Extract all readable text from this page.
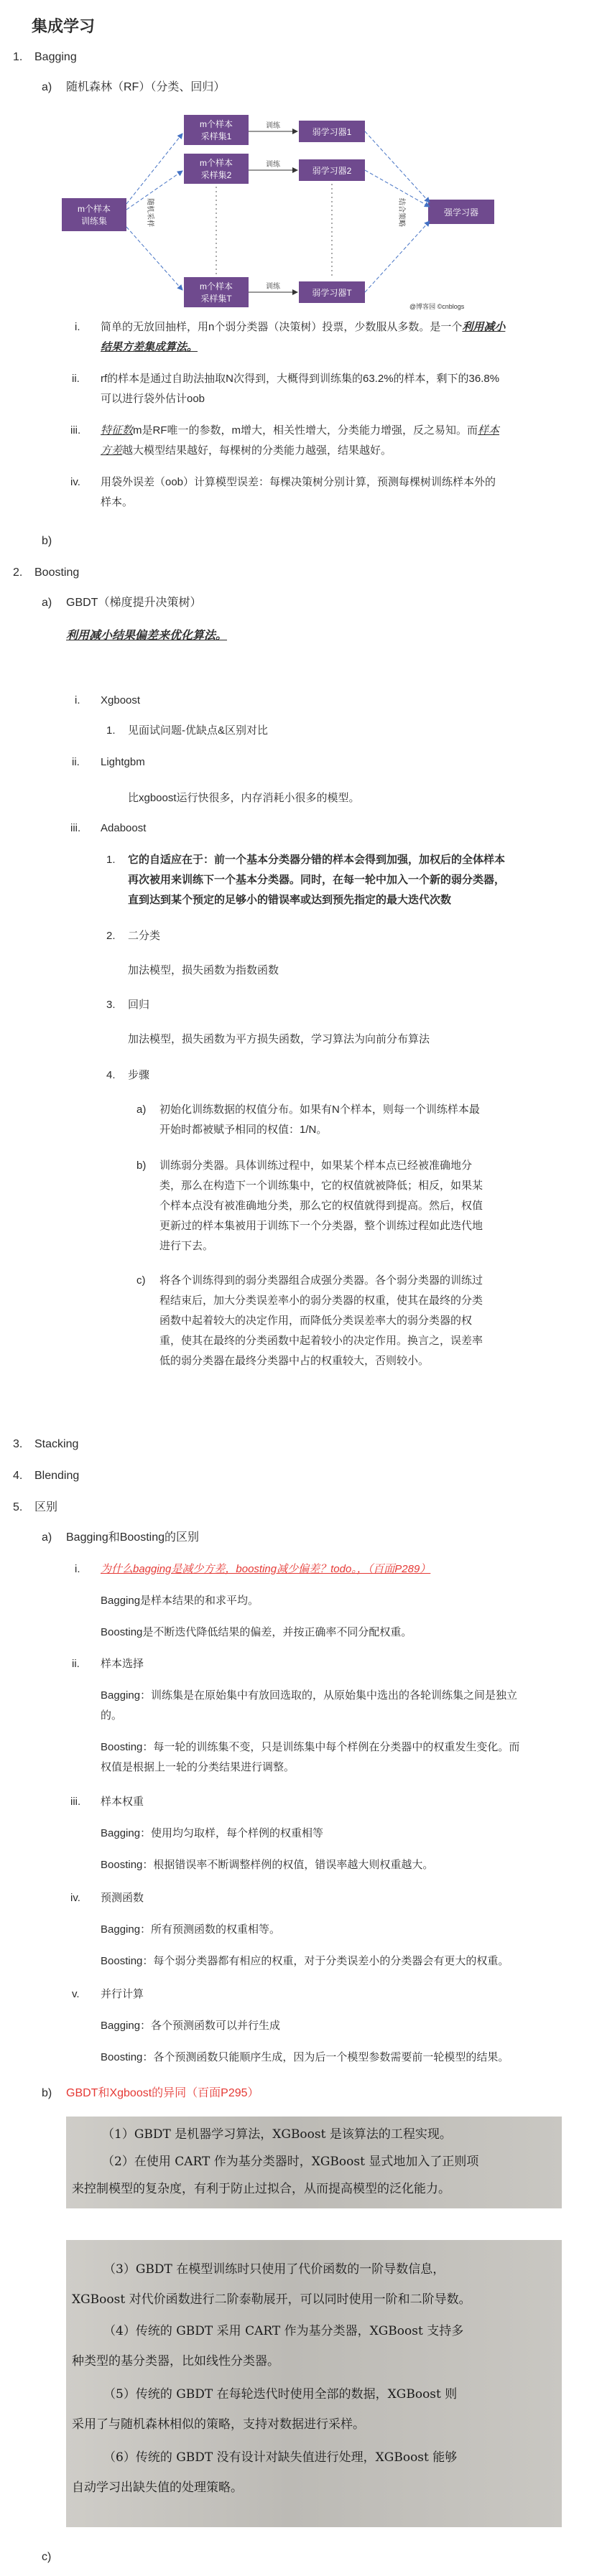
集成学习
1. Bagging
a) 随机森林（RF）（分类、回归）
m个样本
训练集
m个样本
采样集1
m个样本
采样集2
m个样本
采样集T
弱学习器1
弱学习器2
弱学习器T
强学习器
训练
训练
训练
随机采样	结合策略
@博客园 ©cnblogs
i. 简单的无放回抽样，用n个弱分类器（决策树）投票，少数服从多数。是一个利用减小
结果方差集成算法。
ii. rf的样本是通过自助法抽取N次得到，大概得到训练集的63.2%的样本，剩下的36.8%
可以进行袋外估计oob
iii. 特征数m是RF唯一的参数，m增大，相关性增大，分类能力增强，反之易知。而样本
方差越大模型结果越好，每棵树的分类能力越强，结果越好。
iv. 用袋外误差（oob）计算模型误差：每棵决策树分别计算，预测每棵树训练样本外的
样本。
b)
2. Boosting
a) GBDT（梯度提升决策树）
利用减小结果偏差来优化算法。
i. Xgboost
1. 见面试问题-优缺点&区别对比
ii. Lightgbm
比xgboost运行快很多，内存消耗小很多的模型。
iii. Adaboost
1. 它的自适应在于：前一个基本分类器分错的样本会得到加强，加权后的全体样本
再次被用来训练下一个基本分类器。同时，在每一轮中加入一个新的弱分类器，
直到达到某个预定的足够小的错误率或达到预先指定的最大迭代次数
2. 二分类
加法模型，损失函数为指数函数
3. 回归
加法模型，损失函数为平方损失函数，学习算法为向前分布算法
4. 步骤
a) 初始化训练数据的权值分布。如果有N个样本，则每一个训练样本最
开始时都被赋予相同的权值：1/N。
b) 训练弱分类器。具体训练过程中，如果某个样本点已经被准确地分
类，那么在构造下一个训练集中，它的权值就被降低；相反，如果某
个样本点没有被准确地分类，那么它的权值就得到提高。然后，权值
更新过的样本集被用于训练下一个分类器，整个训练过程如此迭代地
进行下去。
c) 将各个训练得到的弱分类器组合成强分类器。各个弱分类器的训练过
程结束后，加大分类误差率小的弱分类器的权重，使其在最终的分类
函数中起着较大的决定作用，而降低分类误差率大的弱分类器的权
重，使其在最终的分类函数中起着较小的决定作用。换言之，误差率
低的弱分类器在最终分类器中占的权重较大，否则较小。
3. Stacking
4. Blending
5. 区别
a) Bagging和Boosting的区别
i. 为什么bagging是减少方差，boosting减少偏差？todo。，（百面P289）
Bagging是样本结果的和求平均。
Boosting是不断迭代降低结果的偏差，并按正确率不同分配权重。
ii. 样本选择
Bagging：训练集是在原始集中有放回选取的，从原始集中选出的各轮训练集之间是独立
的。
Boosting：每一轮的训练集不变，只是训练集中每个样例在分类器中的权重发生变化。而
权值是根据上一轮的分类结果进行调整。
iii. 样本权重
Bagging：使用均匀取样，每个样例的权重相等
Boosting：根据错误率不断调整样例的权值，错误率越大则权重越大。
iv. 预测函数
Bagging：所有预测函数的权重相等。
Boosting：每个弱分类器都有相应的权重，对于分类误差小的分类器会有更大的权重。
v. 并行计算
Bagging：各个预测函数可以并行生成
Boosting：各个预测函数只能顺序生成，因为后一个模型参数需要前一轮模型的结果。
b) GBDT和Xgboost的异同（百面P295）
（1）GBDT 是机器学习算法，XGBoost 是该算法的工程实现。
（2）在使用 CART 作为基分类器时，XGBoost 显式地加入了正则项
来控制模型的复杂度，有利于防止过拟合，从而提高模型的泛化能力。
（3）GBDT 在模型训练时只使用了代价函数的一阶导数信息，
XGBoost 对代价函数进行二阶泰勒展开，可以同时使用一阶和二阶导数。
（4）传统的 GBDT 采用 CART 作为基分类器，XGBoost 支持多
种类型的基分类器，比如线性分类器。
（5）传统的 GBDT 在每轮迭代时使用全部的数据，XGBoost 则
采用了与随机森林相似的策略，支持对数据进行采样。
（6）传统的 GBDT 没有设计对缺失值进行处理，XGBoost 能够
自动学习出缺失值的处理策略。
c)
